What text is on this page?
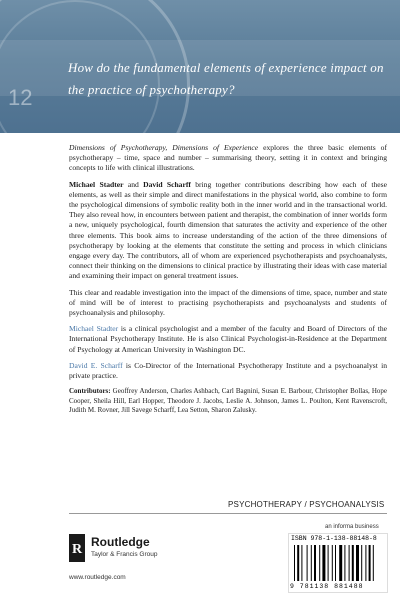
12
How do the fundamental elements of experience impact on the practice of psychotherapy?

Dimensions of Psychotherapy, Dimensions of Experience explores the three basic elements of psychotherapy – time, space and number – summarising theory, setting it in context and bringing concepts to life with clinical illustrations.

Michael Stadter and David Scharff bring together contributions describing how each of these elements, as well as their simple and direct manifestations in the physical world, also combine to form the psychological dimensions of symbolic reality both in the inner world and in the transactional world. They also reveal how, in encounters between patient and therapist, the combination of inner worlds form a new, uniquely psychological, fourth dimension that saturates the activity and experience of the other three elements. This book aims to increase understanding of the action of the three dimensions of psychotherapy by looking at the elements that constitute the setting and process in which clinicians engage every day. The contributors, all of whom are experienced psychotherapists and psychoanalysts, connect their thinking on the dimensions to clinical practice by illustrating their ideas with case material and examining their impact on general treatment issues.

This clear and readable investigation into the impact of the dimensions of time, space, number and state of mind will be of interest to practising psychotherapists and psychoanalysts and students of psychoanalysis and philosophy.

Michael Stadter is a clinical psychologist and a member of the faculty and Board of Directors of the International Psychotherapy Institute. He is also Clinical Psychologist-in-Residence at the Department of Psychology at American University in Washington DC.

David E. Scharff is Co-Director of the International Psychotherapy Institute and a psychoanalyst in private practice.

Contributors: Geoffrey Anderson, Charles Ashbach, Carl Bagnini, Susan E. Barbour, Christopher Bollas, Hope Cooper, Sheila Hill, Earl Hopper, Theodore J. Jacobs, Leslie A. Johnson, James L. Poulton, Kent Ravenscroft, Judith M. Rovner, Jill Savege Scharff, Lea Setton, Sharon Zalusky.

PSYCHOTHERAPY / PSYCHOANALYSIS
an informa business
R Routledge
Taylor & Francis Group
www.routledge.com
ISBN 978-1-138-88148-8
9 781138 881488
